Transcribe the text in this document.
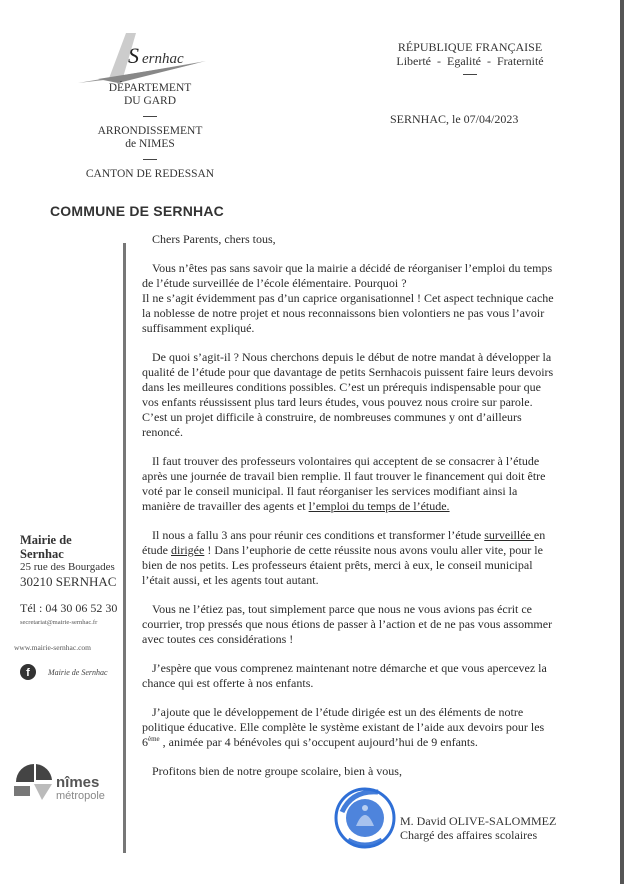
S ernhac
DÉPARTEMENT
DU GARD
ARRONDISSEMENT
de NIMES
CANTON DE REDESSAN
COMMUNE DE SERNHAC
RÉPUBLIQUE FRANÇAISE
Liberté  -  Egalité  -  Fraternité
SERNHAC, le 07/04/2023

Chers Parents, chers tous,

Vous n’êtes pas sans savoir que la mairie a décidé de réorganiser l’emploi du temps de l’étude surveillée de l’école élémentaire. Pourquoi ?

Il ne s’agit évidemment pas d’un caprice organisationnel ! Cet aspect technique cache la noblesse de notre projet et nous reconnaissons bien volontiers ne pas vous l’avoir suffisamment expliqué.

De quoi s’agit-il ? Nous cherchons depuis le début de notre mandat à développer la qualité de l’étude pour que davantage de petits Sernhacois puissent faire leurs devoirs dans les meilleures conditions possibles. C’est un prérequis indispensable pour que vos enfants réussissent plus tard leurs études, vous pouvez nous croire sur parole. C’est un projet difficile à construire, de nombreuses communes y ont d’ailleurs renoncé.

Il faut trouver des professeurs volontaires qui acceptent de se consacrer à l’étude après une journée de travail bien remplie. Il faut trouver le financement qui doit être voté par le conseil municipal. Il faut réorganiser les services modifiant ainsi la manière de travailler des agents et l’emploi du temps de l’étude.

Il nous a fallu 3 ans pour réunir ces conditions et transformer l’étude surveillée en étude dirigée ! Dans l’euphorie de cette réussite nous avons voulu aller vite, pour le bien de nos petits. Les professeurs étaient prêts, merci à eux, le conseil municipal l’était aussi, et les agents tout autant.

Vous ne l’étiez pas, tout simplement parce que nous ne vous avions pas écrit ce courrier, trop pressés que nous étions de passer à l’action et de ne pas vous assommer avec toutes ces considérations !

J’espère que vous comprenez maintenant notre démarche et que vous apercevez la chance qui est offerte à nos enfants.

J’ajoute que le développement de l’étude dirigée est un des éléments de notre politique éducative. Elle complète le système existant de l’aide aux devoirs pour les 6ème , animée par 4 bénévoles qui s’occupent aujourd’hui de 9 enfants.

Profitons bien de notre groupe scolaire, bien à vous,

Mairie de
Sernhac
25 rue des Bourgades
30210 SERNHAC
Tél : 04 30 06 52 30
secretariat@mairie-sernhac.fr
www.mairie-sernhac.com
f	Mairie de Sernhac
nîmes
métropole
M. David OLIVE-SALOMMEZ
Chargé des affaires scolaires
